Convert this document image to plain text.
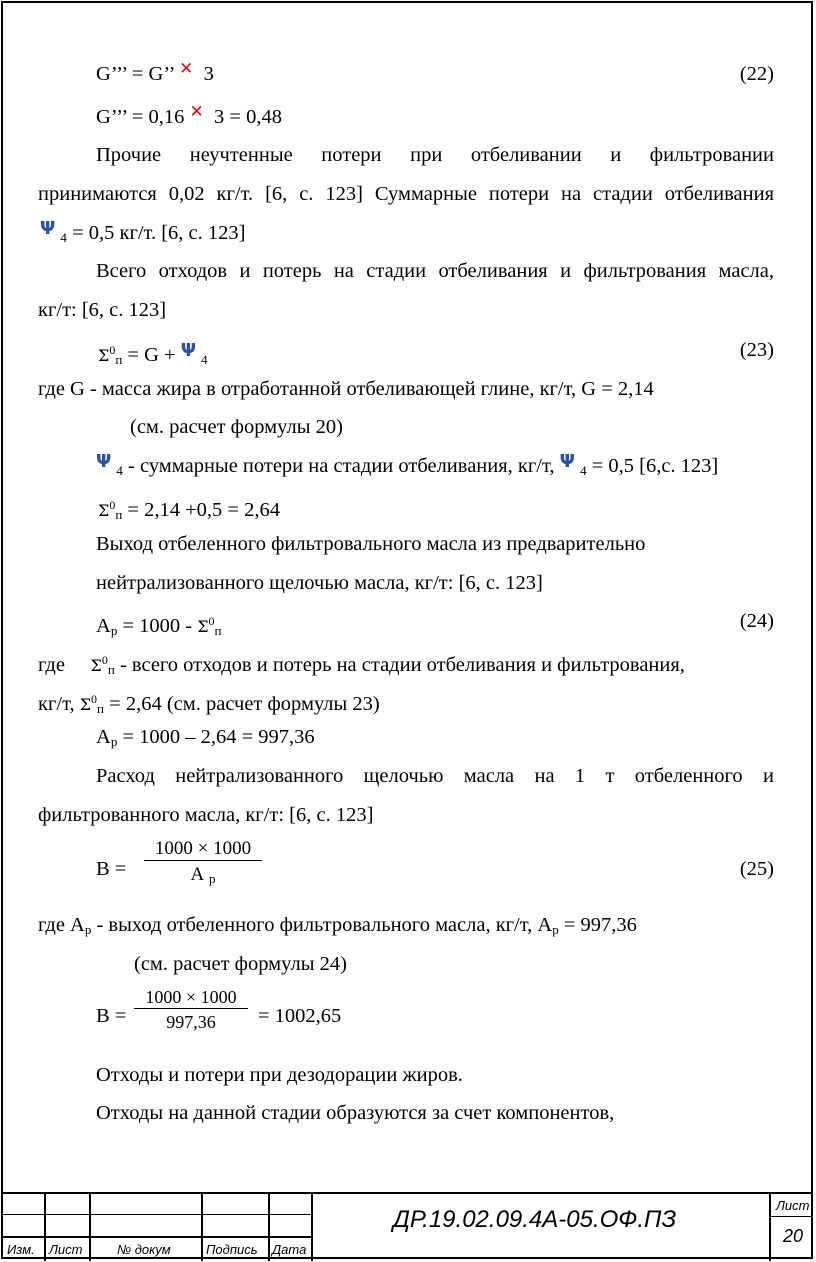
G’’’ = G’’ ✕ 3	(22)
G’’’ = 0,16 ✕ 3 = 0,48
Прочие неучтенные потери при отбеливании и фильтровании
принимаются 0,02 кг/т. [6, с. 123] Суммарные потери на стадии отбеливания
Ψ $_4$ = 0,5 кг/т. [6, с. 123]
Всего отходов и потерь на стадии отбеливания и фильтрования масла,
кг/т: [6, с. 123]
$\Sigma^0_п = G + \Psi$ $_4$	(23)
где G - масса жира в отработанной отбеливающей глине, кг/т, G = 2,14
(см. расчет формулы 20)
Ψ $_4$ - суммарные потери на стадии отбеливания, кг/т, Ψ $_4$ = 0,5 [6,с. 123]
$\Sigma^0_п = 2,14 +0,5 = 2,64$
Выход отбеленного фильтровального масла из предварительно
нейтрализованного щелочью масла, кг/т: [6, с. 123]
$А_р = 1000 - \Sigma^0_п$	(24)
где $\Sigma^0_п$ - всего отходов и потерь на стадии отбеливания и фильтрования,
кг/т, $\Sigma^0_п = 2,64$ (см. расчет формулы 23)
$А_р = 1000 - 2,64 = 997,36$
Расход нейтрализованного щелочью масла на 1 т отбеленного и
фильтрованного масла, кг/т: [6, с. 123]
В =
1000 × 1000
А $_р$	(25)
где $А_р$ - выход отбеленного фильтровального масла, кг/т, $А_р = 997,36$
(см. расчет формулы 24)
$В = \frac{1000 \times 1000}{997,36} = 1002,65$
Отходы и потери при дезодорации жиров.
Отходы на данной стадии образуются за счет компонентов,
Изм. Лист	№ докум	Подпись Дата
ДР.19.02.09.4А-05.ОФ.ПЗ
Лист
20
